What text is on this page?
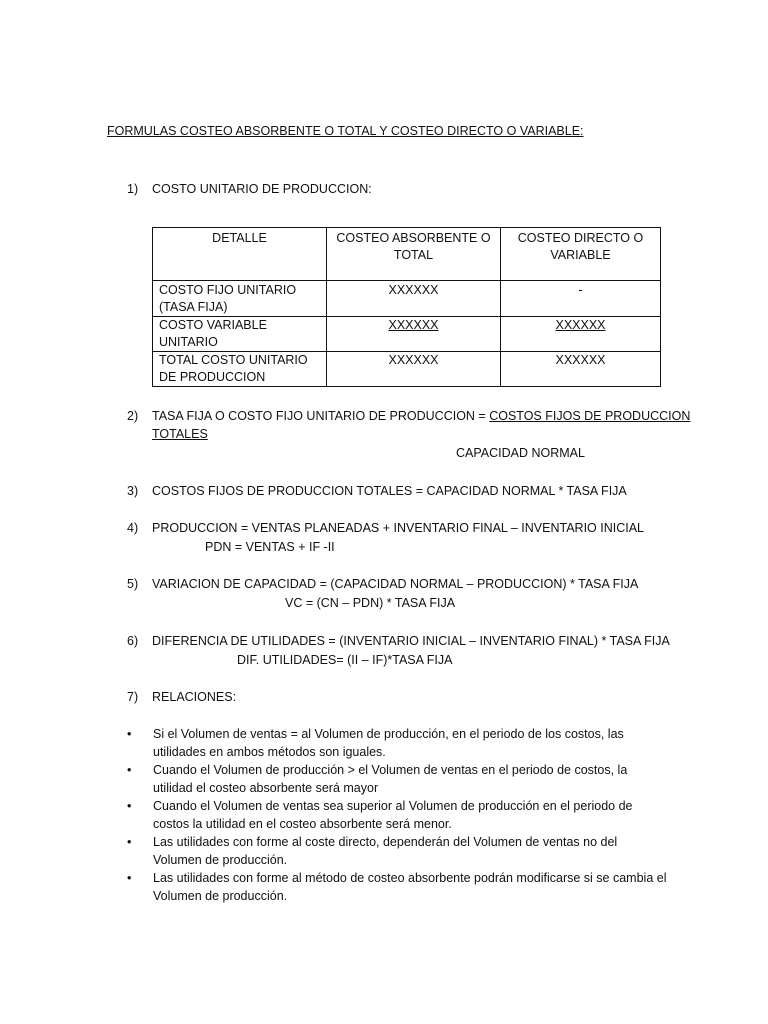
FORMULAS COSTEO ABSORBENTE O TOTAL Y COSTEO DIRECTO O VARIABLE:
1) COSTO UNITARIO DE PRODUCCION:
DETALLE	COSTEO ABSORBENTE O TOTAL	COSTEO DIRECTO O VARIABLE

COSTO FIJO UNITARIO
(TASA FIJA)	XXXXXX	-
COSTO VARIABLE UNITARIO	XXXXXX	XXXXXX
TOTAL COSTO UNITARIO DE PRODUCCION	XXXXXX	XXXXXX
2) TASA FIJA O COSTO FIJO UNITARIO DE PRODUCCION = COSTOS FIJOS DE PRODUCCION
TOTALES
CAPACIDAD NORMAL
3) COSTOS FIJOS DE PRODUCCION TOTALES = CAPACIDAD NORMAL * TASA FIJA
4) PRODUCCION = VENTAS PLANEADAS + INVENTARIO FINAL – INVENTARIO INICIAL
PDN = VENTAS + IF -II
5) VARIACION DE CAPACIDAD = (CAPACIDAD NORMAL – PRODUCCION) * TASA FIJA
VC = (CN – PDN) * TASA FIJA
6) DIFERENCIA DE UTILIDADES = (INVENTARIO INICIAL – INVENTARIO FINAL) * TASA FIJA
DIF. UTILIDADES= (II – IF)*TASA FIJA
7) RELACIONES:

• Si el Volumen de ventas = al Volumen de producción, en el periodo de los costos, las utilidades en ambos métodos son iguales.

• Cuando el Volumen de producción > el Volumen de ventas en el periodo de costos, la utilidad el costeo absorbente será mayor

• Cuando el Volumen de ventas sea superior al Volumen de producción en el periodo de costos la utilidad en el costeo absorbente será menor.

• Las utilidades con forme al coste directo, dependerán del Volumen de ventas no del Volumen de producción.

• Las utilidades con forme al método de costeo absorbente podrán modificarse si se cambia el Volumen de producción.
